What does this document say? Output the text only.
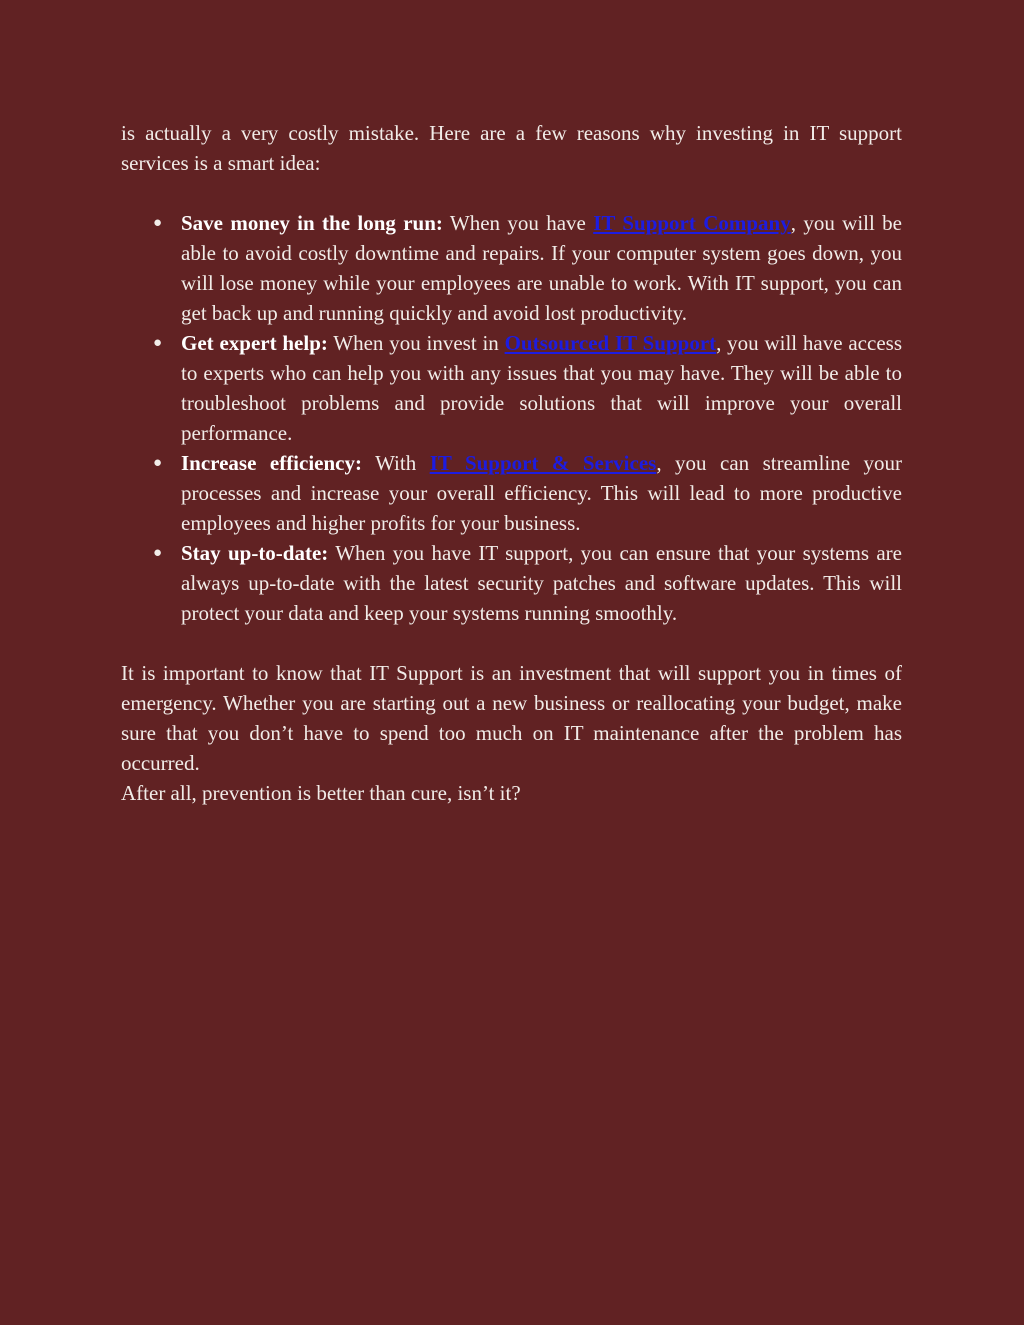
is actually a very costly mistake. Here are a few reasons why investing in IT support services is a smart idea:

● Save money in the long run: When you have IT Support Company, you will be able to avoid costly downtime and repairs. If your computer system goes down, you will lose money while your employees are unable to work. With IT support, you can get back up and running quickly and avoid lost productivity.
● Get expert help: When you invest in Outsourced IT Support, you will have access to experts who can help you with any issues that you may have. They will be able to troubleshoot problems and provide solutions that will improve your overall performance.
● Increase efficiency: With IT Support & Services, you can streamline your processes and increase your overall efficiency. This will lead to more productive employees and higher profits for your business.
● Stay up-to-date: When you have IT support, you can ensure that your systems are always up-to-date with the latest security patches and software updates. This will protect your data and keep your systems running smoothly.

It is important to know that IT Support is an investment that will support you in times of emergency. Whether you are starting out a new business or reallocating your budget, make sure that you don’t have to spend too much on IT maintenance after the problem has occurred.

After all, prevention is better than cure, isn’t it?
